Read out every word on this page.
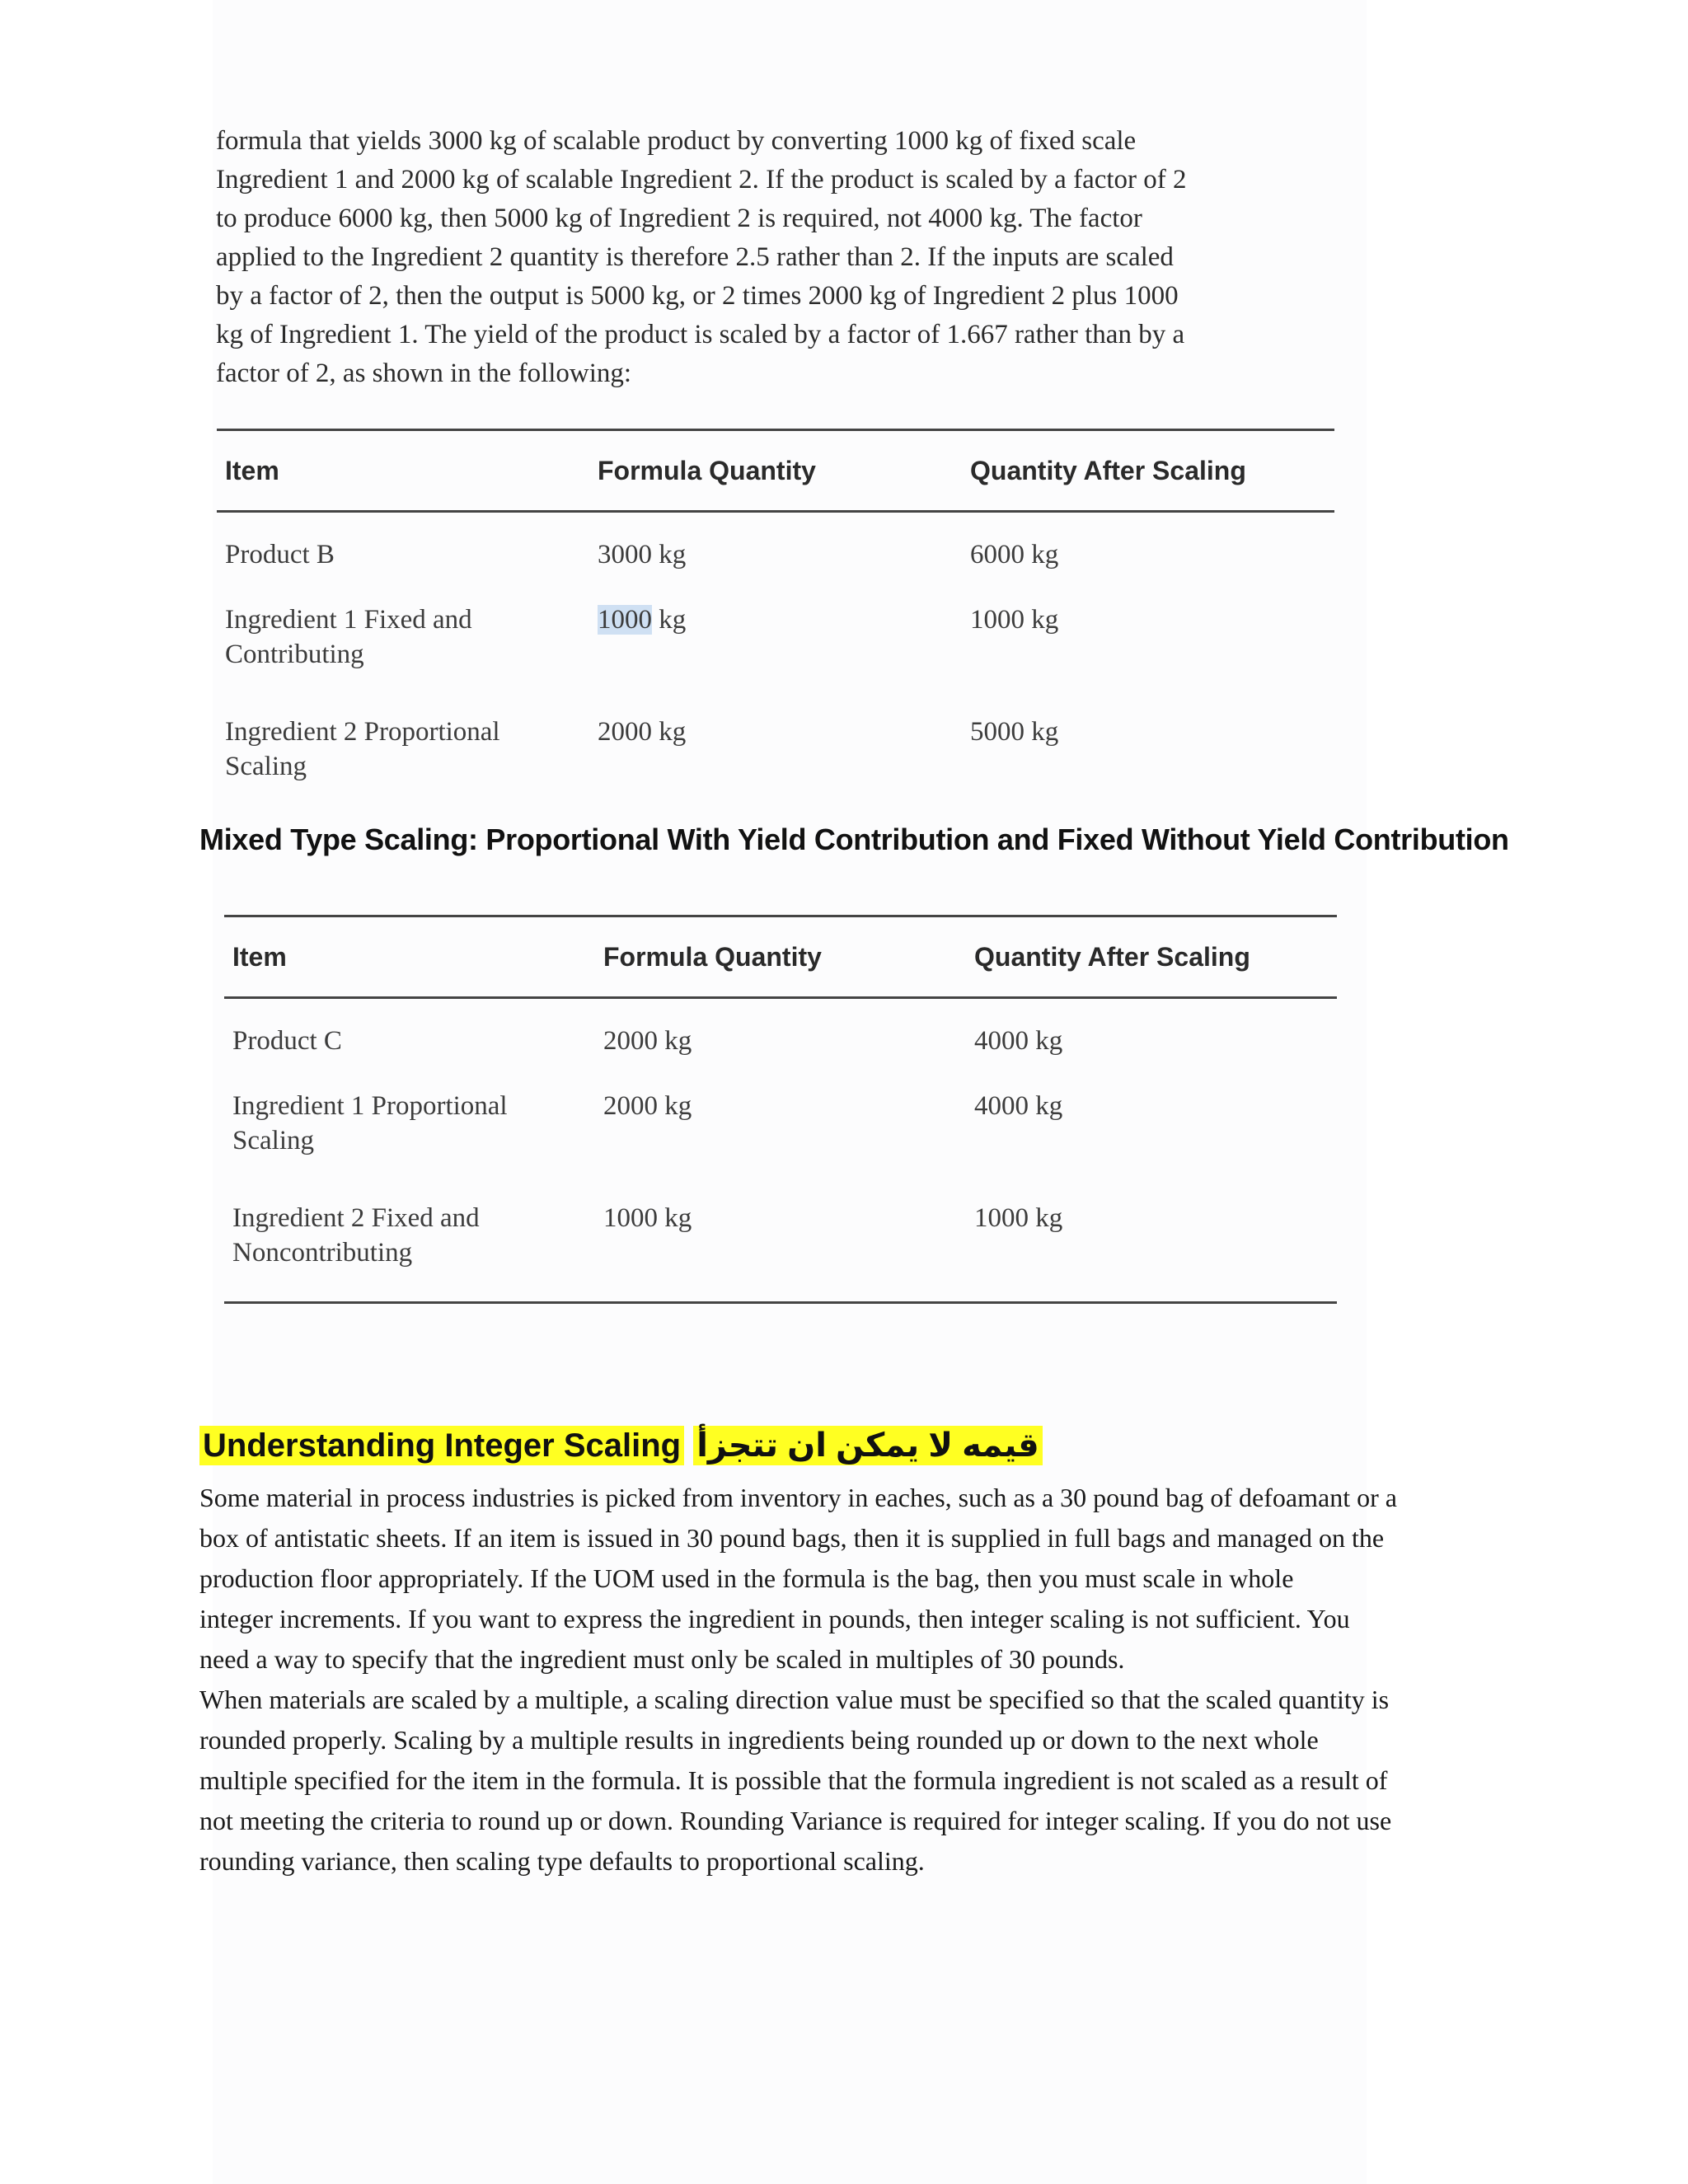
formula that yields 3000 kg of scalable product by converting 1000 kg of fixed scale
Ingredient 1 and 2000 kg of scalable Ingredient 2. If the product is scaled by a factor of 2
to produce 6000 kg, then 5000 kg of Ingredient 2 is required, not 4000 kg. The factor
applied to the Ingredient 2 quantity is therefore 2.5 rather than 2. If the inputs are scaled
by a factor of 2, then the output is 5000 kg, or 2 times 2000 kg of Ingredient 2 plus 1000
kg of Ingredient 1. The yield of the product is scaled by a factor of 1.667 rather than by a
factor of 2, as shown in the following:
Item	Formula Quantity	Quantity After Scaling
Product B	3000 kg	6000 kg
Ingredient 1 Fixed and Contributing	1000 kg	1000 kg
Ingredient 2 Proportional Scaling	2000 kg	5000 kg
Mixed Type Scaling: Proportional With Yield Contribution and Fixed Without Yield Contribution
Item	Formula Quantity	Quantity After Scaling
Product C	2000 kg	4000 kg
Ingredient 1 Proportional Scaling	2000 kg	4000 kg
Ingredient 2 Fixed and Noncontributing	1000 kg	1000 kg
Understanding Integer Scaling قيمه لا يمكن ان تتجزأ
Some material in process industries is picked from inventory in eaches, such as a 30 pound bag of defoamant or a
box of antistatic sheets. If an item is issued in 30 pound bags, then it is supplied in full bags and managed on the
production floor appropriately. If the UOM used in the formula is the bag, then you must scale in whole
integer increments. If you want to express the ingredient in pounds, then integer scaling is not sufficient. You
need a way to specify that the ingredient must only be scaled in multiples of 30 pounds.
When materials are scaled by a multiple, a scaling direction value must be specified so that the scaled quantity is
rounded properly. Scaling by a multiple results in ingredients being rounded up or down to the next whole
multiple specified for the item in the formula. It is possible that the formula ingredient is not scaled as a result of
not meeting the criteria to round up or down. Rounding Variance is required for integer scaling. If you do not use
rounding variance, then scaling type defaults to proportional scaling.
